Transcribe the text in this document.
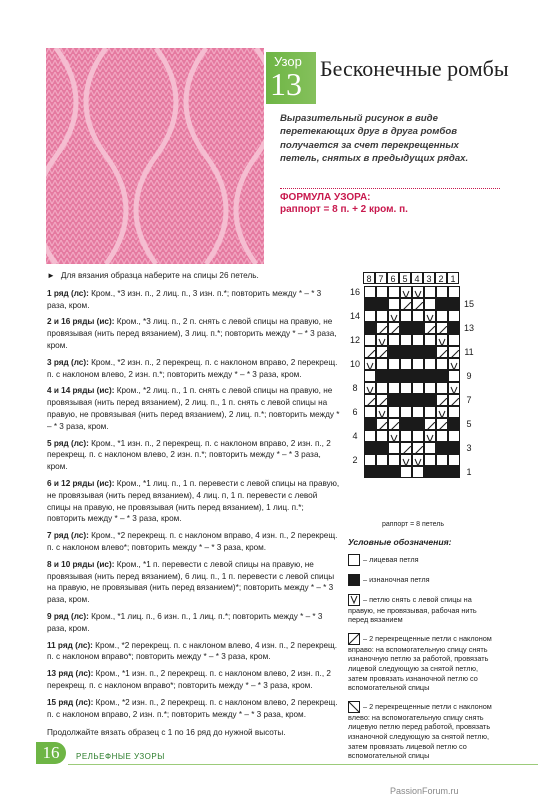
Узор
13 Бесконечные ромбы
Выразительный рисунок в виде перетекающих друг в друга ромбов получается за счет перекрещенных петель, снятых в предыдущих рядах.
ФОРМУЛА УЗОРА:
раппорт = 8 п. + 2 кром. п.

► Для вязания образца наберите на спицы 26 петель.

1 ряд (лс): Кром., *3 изн. п., 2 лиц. п., 3 изн. п.*; повторить между * – * 3 раза, кром.

2 и 16 ряды (ис): Кром., *3 лиц. п., 2 п. снять с левой спицы на правую, не провязывая (нить перед вязанием), 3 лиц. п.*; повторить между * – * 3 раза, кром.

3 ряд (лс): Кром., *2 изн. п., 2 перекрещ. п. с наклоном вправо, 2 перекрещ. п. с наклоном влево, 2 изн. п.*; повторить между * – * 3 раза, кром.

4 и 14 ряды (ис): Кром., *2 лиц. п., 1 п. снять с левой спицы на правую, не провязывая (нить перед вязанием), 2 лиц. п., 1 п. снять с левой спицы на правую, не провязывая (нить перед вязанием), 2 лиц. п.*; повторить между * – * 3 раза, кром.

5 ряд (лс): Кром., *1 изн. п., 2 перекрещ. п. с наклоном вправо, 2 изн. п., 2 перекрещ. п. с наклоном влево, 2 изн. п.*; повторить между * – * 3 раза, кром.

6 и 12 ряды (ис): Кром., *1 лиц. п., 1 п. перевести с левой спицы на правую, не провязывая (нить перед вязанием), 4 лиц. п, 1 п. перевести с левой спицы на правую, не провязывая (нить перед вязанием), 1 лиц. п.*; повторить между * – * 3 раза, кром.

7 ряд (лс): Кром., *2 перекрещ. п. с наклоном вправо, 4 изн. п., 2 перекрещ. п. с наклоном влево*; повторить между * – * 3 раза, кром.

8 и 10 ряды (ис): Кром., *1 п. перевести с левой спицы на правую, не провязывая (нить перед вязанием), 6 лиц. п., 1 п. перевести с левой спицы на правую, не провязывая (нить перед вязанием)*; повторить между * – * 3 раза, кром.

9 ряд (лс): Кром., *1 лиц. п., 6 изн. п., 1 лиц. п.*; повторить между * – * 3 раза, кром.

11 ряд (лс): Кром., *2 перекрещ. п. с наклоном влево, 4 изн. п., 2 перекрещ. п. с наклоном вправо*; повторить между * – * 3 раза, кром.

13 ряд (лс): Кром., *1 изн. п., 2 перекрещ. п. с наклоном влево, 2 изн. п., 2 перекрещ. п. с наклоном вправо*; повторить между * – * 3 раза, кром.

15 ряд (лс): Кром., *2 изн. п., 2 перекрещ. п. с наклоном влево, 2 перекрещ. п. с наклоном вправо, 2 изн. п.*; повторить между * – * 3 раза, кром.

Продолжайте вязать образец с 1 по 16 ряд до нужной высоты.
8 7 6 5 4 3 2 1
16
14
12
10
8
6
4
2
15
13
11
9
7
5
3
1
раппорт = 8 петель
Условные обозначения:
– лицевая петля
– изнаночная петля
– петлю снять с левой спицы на правую, не провязывая, рабочая нить перед вязанием
– 2 перекрещенные петли с наклоном вправо: на вспомогательную спицу снять изнаночную петлю за работой, провязать лицевой следующую за снятой петлю, затем провязать изнаночной петлю со вспомогательной спицы
– 2 перекрещенные петли с наклоном влево: на вспомогательную спицу снять лицевую петлю перед работой, провязать изнаночной следующую за снятой петлю, затем провязать лицевой петлю со вспомогательной спицы
16	РЕЛЬЕФНЫЕ УЗОРЫ
PassionForum.ru
